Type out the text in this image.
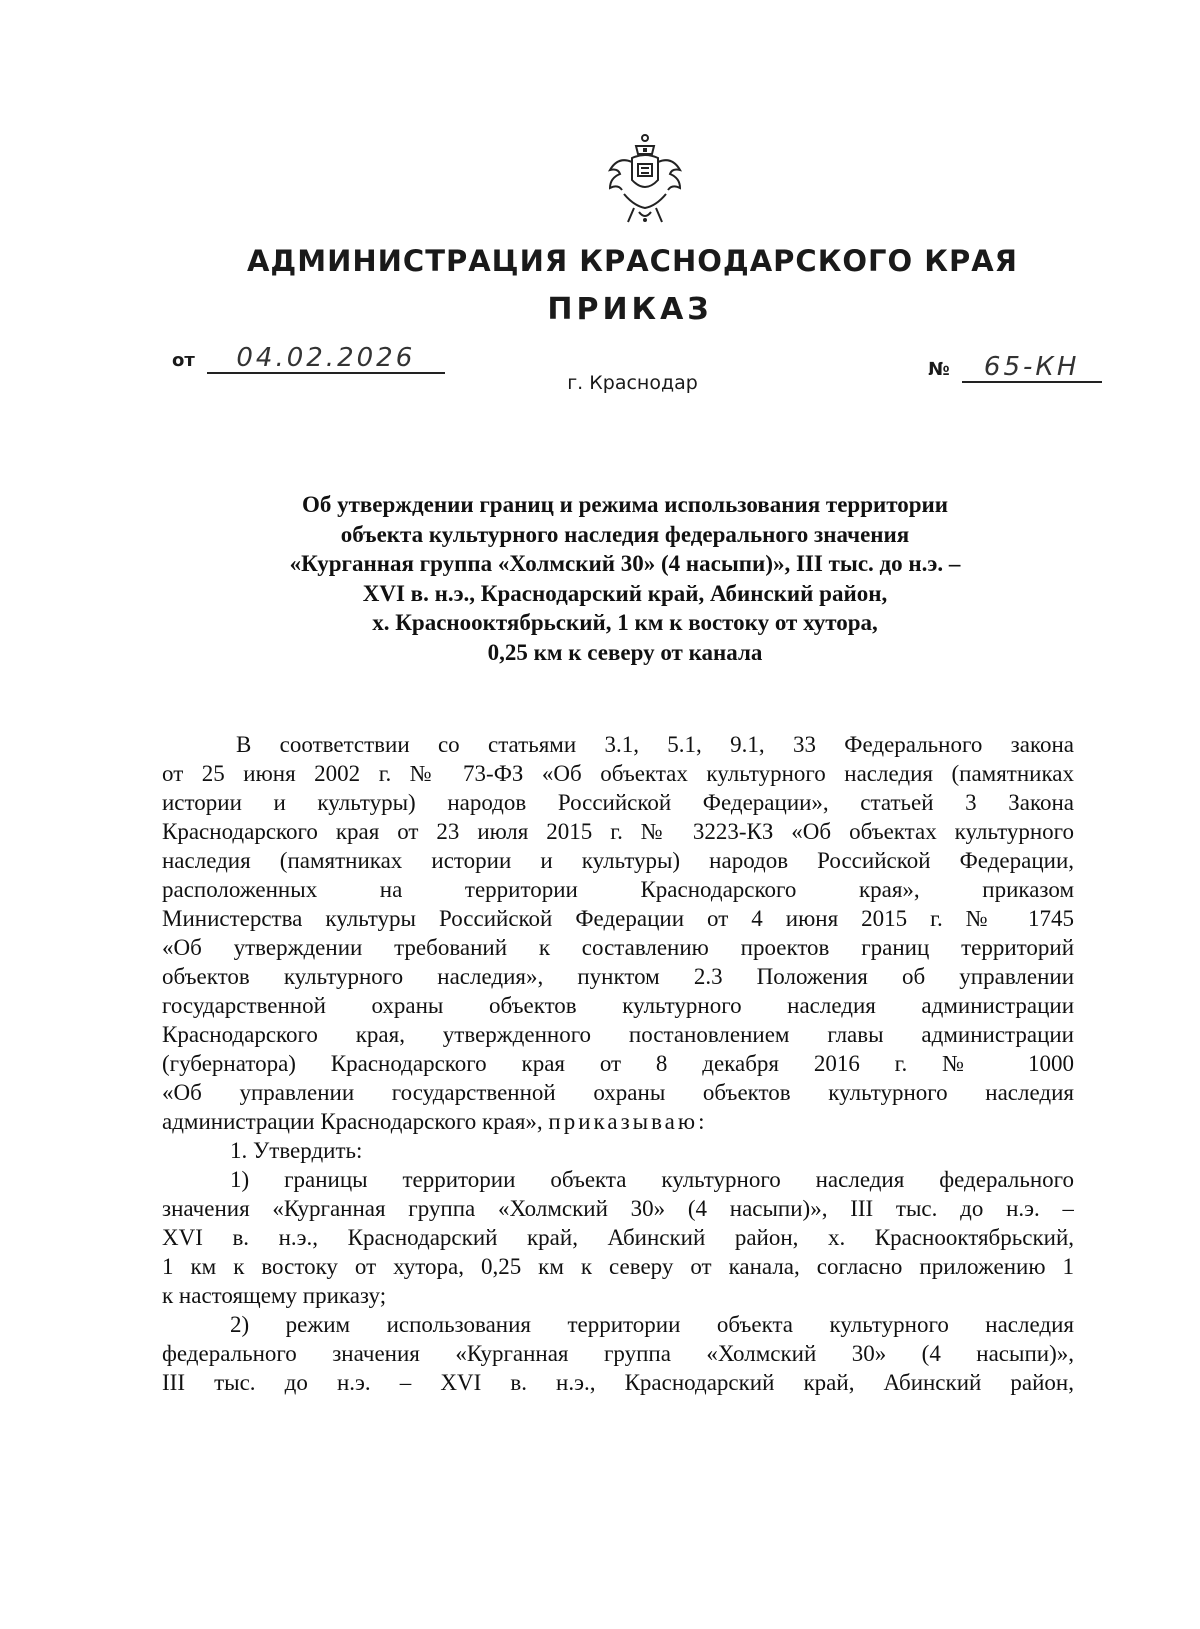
АДМИНИСТРАЦИЯ КРАСНОДАРСКОГО КРАЯ
ПРИКАЗ
от 04.02.2026	№ 65-КН
г. Краснодар
Об утверждении границ и режима использования территории
объекта культурного наследия федерального значения
«Курганная группа «Холмский 30» (4 насыпи)», III тыс. до н.э. –
XVI в. н.э., Краснодарский край, Абинский район,
х. Краснооктябрьский, 1 км к востоку от хутора,
0,25 км к северу от канала
В соответствии со статьями 3.1, 5.1, 9.1, 33 Федерального закона
от 25 июня 2002 г. № 73-ФЗ «Об объектах культурного наследия (памятниках
истории и культуры) народов Российской Федерации», статьей 3 Закона
Краснодарского края от 23 июля 2015 г. № 3223-КЗ «Об объектах культурного
наследия (памятниках истории и культуры) народов Российской Федерации,
расположенных на территории Краснодарского края», приказом
Министерства культуры Российской Федерации от 4 июня 2015 г. № 1745
«Об утверждении требований к составлению проектов границ территорий
объектов культурного наследия», пунктом 2.3 Положения об управлении
государственной охраны объектов культурного наследия администрации
Краснодарского края, утвержденного постановлением главы администрации
(губернатора) Краснодарского края от 8 декабря 2016 г. № 1000
«Об управлении государственной охраны объектов культурного наследия
администрации Краснодарского края», приказываю:
1. Утвердить:
1) границы территории объекта культурного наследия федерального
значения «Курганная группа «Холмский 30» (4 насыпи)», III тыс. до н.э. –
XVI в. н.э., Краснодарский край, Абинский район, х. Краснооктябрьский,
1 км к востоку от хутора, 0,25 км к северу от канала, согласно приложению 1
к настоящему приказу;
2) режим использования территории объекта культурного наследия
федерального значения «Курганная группа «Холмский 30» (4 насыпи)»,
III тыс. до н.э. – XVI в. н.э., Краснодарский край, Абинский район,
